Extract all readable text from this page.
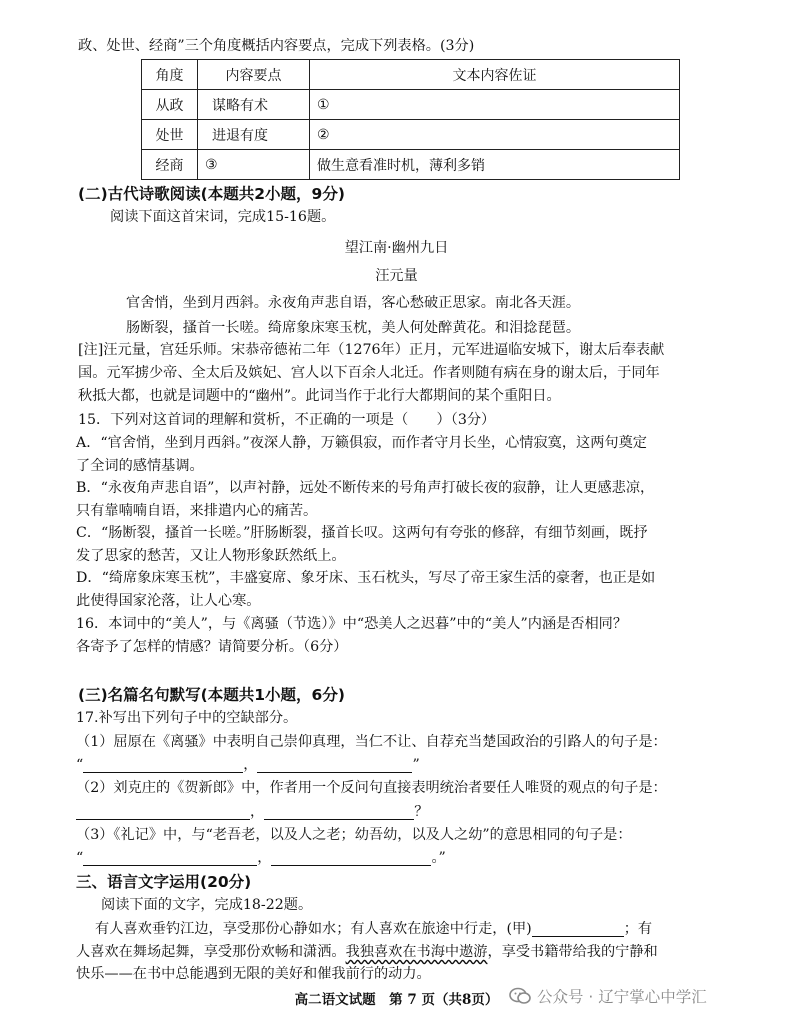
政、处世、经商”三个角度概括内容要点，完成下列表格。(3分)
角度	内容要点	文本内容佐证
从政	谋略有术	①
处世	进退有度	②
经商	③	做生意看准时机，薄利多销
(二)古代诗歌阅读(本题共2小题，9分)
阅读下面这首宋词，完成15-16题。
望江南·幽州九日
汪元量
官舍悄，坐到月西斜。永夜角声悲自语，客心愁破正思家。南北各天涯。
肠断裂，搔首一长嗟。绮席象床寒玉枕，美人何处醉黄花。和泪捻琵琶。
[注]汪元量，宫廷乐师。宋恭帝德祐二年（1276年）正月，元军进逼临安城下，谢太后奉表献
国。元军掳少帝、全太后及嫔妃、宫人以下百余人北迁。作者则随有病在身的谢太后，于同年
秋抵大都，也就是词题中的“幽州”。此词当作于北行大都期间的某个重阳日。
15．下列对这首词的理解和赏析，不正确的一项是（　　）（3分）
A．“官舍悄，坐到月西斜。”夜深人静，万籁俱寂，而作者守月长坐，心情寂寞，这两句奠定
了全词的感情基调。
B．“永夜角声悲自语”，以声衬静，远处不断传来的号角声打破长夜的寂静，让人更感悲凉，
只有靠喃喃自语，来排遣内心的痛苦。
C．“肠断裂，搔首一长嗟。”肝肠断裂，搔首长叹。这两句有夸张的修辞，有细节刻画，既抒
发了思家的愁苦，又让人物形象跃然纸上。
D．“绮席象床寒玉枕”，丰盛宴席、象牙床、玉石枕头，写尽了帝王家生活的豪奢，也正是如
此使得国家沦落，让人心寒。
16．本词中的“美人”，与《离骚（节选）》中“恐美人之迟暮”中的“美人”内涵是否相同？
各寄予了怎样的情感？请简要分析。（6分）
(三)名篇名句默写(本题共1小题，6分)
17.补写出下列句子中的空缺部分。
（1）屈原在《离骚》中表明自己崇仰真理，当仁不让、自荐充当楚国政治的引路人的句子是：
“	，	”
（2）刘克庄的《贺新郎》中，作者用一个反问句直接表明统治者要任人唯贤的观点的句子是：
，	？
（3）《礼记》中，与“老吾老，以及人之老；幼吾幼，以及人之幼”的意思相同的句子是：
“	，	。”
三、语言文字运用(20分)
阅读下面的文字，完成18-22题。
有人喜欢垂钓江边，享受那份心静如水；有人喜欢在旅途中行走，(甲)	；有
人喜欢在舞场起舞，享受那份欢畅和潇洒。我独喜欢在书海中遨游，享受书籍带给我的宁静和
快乐——在书中总能遇到无限的美好和催我前行的动力。
高二语文试题　第 7 页（共8页）	公众号 · 辽宁掌心中学汇
